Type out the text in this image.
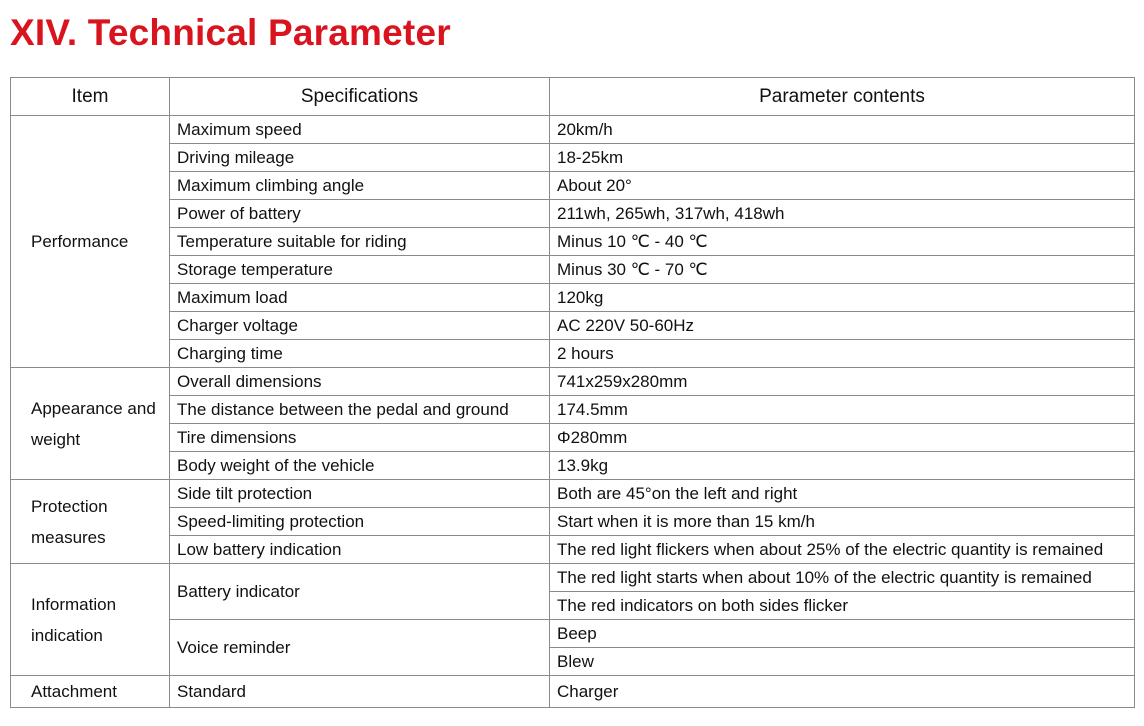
XIV. Technical Parameter
Item	Specifications	Parameter contents
Performance	Maximum speed	20km/h
	Driving mileage	18-25km
	Maximum climbing angle	About 20°
	Power of battery	211wh, 265wh, 317wh, 418wh
	Temperature suitable for riding	Minus 10 ℃ - 40 ℃
	Storage temperature	Minus 30 ℃ - 70 ℃
	Maximum load	120kg
	Charger voltage	AC 220V 50-60Hz
	Charging time	2 hours
Appearance and weight	Overall dimensions	741x259x280mm
	The distance between the pedal and ground	174.5mm
	Tire dimensions	Φ280mm
	Body weight of the vehicle	13.9kg
Protection measures	Side tilt protection	Both are 45°on the left and right
	Speed-limiting protection	Start when it is more than 15 km/h
	Low battery indication	The red light flickers when about 25% of the electric quantity is remained
Information indication	Battery indicator	The red light starts when about 10% of the electric quantity is remained
		The red indicators on both sides flicker
	Voice reminder	Beep
		Blew
Attachment	Standard	Charger
